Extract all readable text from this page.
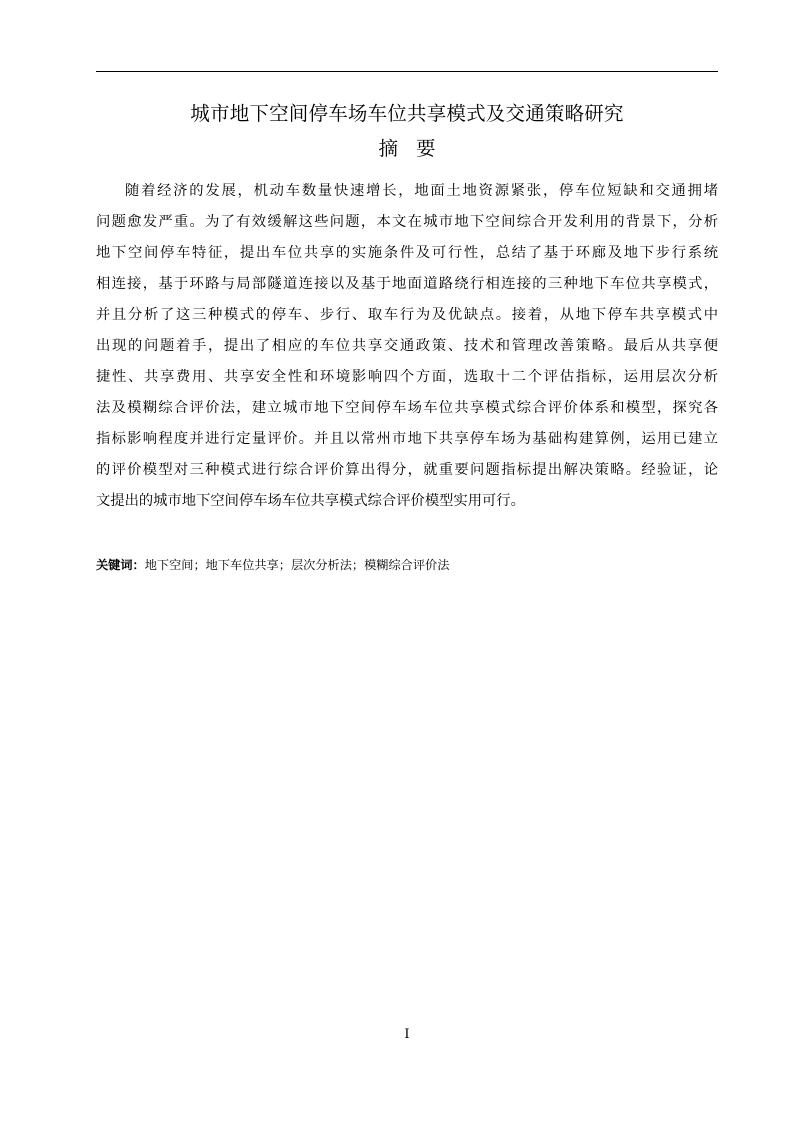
城市地下空间停车场车位共享模式及交通策略研究
摘 要
随着经济的发展，机动车数量快速增长，地面土地资源紧张，停车位短缺和交通拥堵
问题愈发严重。为了有效缓解这些问题，本文在城市地下空间综合开发利用的背景下，分析
地下空间停车特征，提出车位共享的实施条件及可行性，总结了基于环廊及地下步行系统
相连接，基于环路与局部隧道连接以及基于地面道路绕行相连接的三种地下车位共享模式，
并且分析了这三种模式的停车、步行、取车行为及优缺点。接着，从地下停车共享模式中
出现的问题着手，提出了相应的车位共享交通政策、技术和管理改善策略。最后从共享便
捷性、共享费用、共享安全性和环境影响四个方面，选取十二个评估指标，运用层次分析
法及模糊综合评价法，建立城市地下空间停车场车位共享模式综合评价体系和模型，探究各
指标影响程度并进行定量评价。并且以常州市地下共享停车场为基础构建算例，运用已建立
的评价模型对三种模式进行综合评价算出得分，就重要问题指标提出解决策略。经验证，论
文提出的城市地下空间停车场车位共享模式综合评价模型实用可行。
关键词：地下空间；地下车位共享；层次分析法；模糊综合评价法
I
